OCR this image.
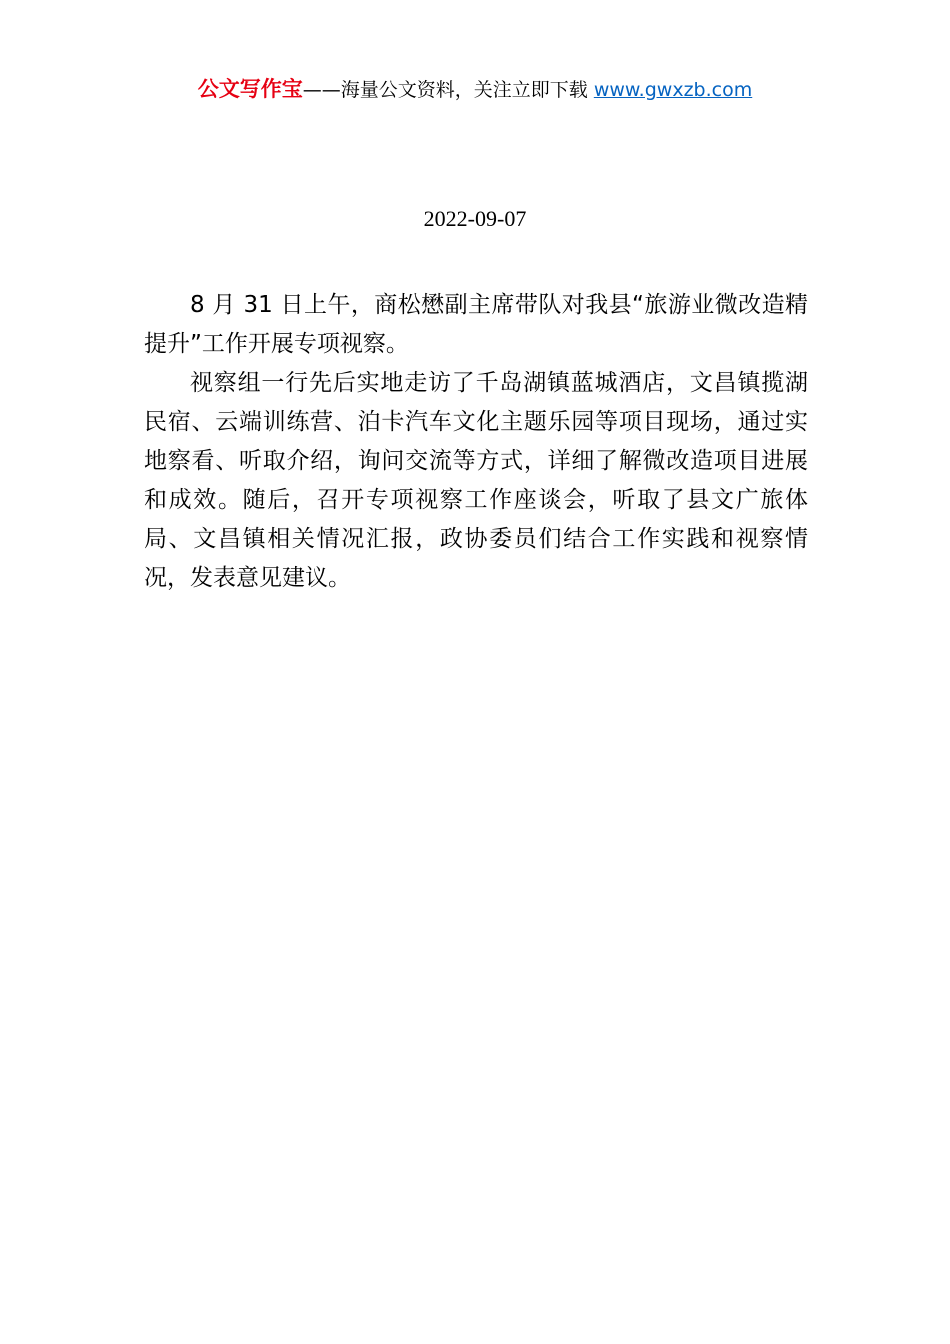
公文写作宝——海量公文资料，关注立即下载 www.gwxzb.com
2022-09-07

8 月 31 日上午，商松懋副主席带队对我县“旅游业微改造精提升”工作开展专项视察。

视察组一行先后实地走访了千岛湖镇蓝城酒店，文昌镇揽湖民宿、云端训练营、泊卡汽车文化主题乐园等项目现场，通过实地察看、听取介绍，询问交流等方式，详细了解微改造项目进展和成效。随后，召开专项视察工作座谈会，听取了县文广旅体局、文昌镇相关情况汇报，政协委员们结合工作实践和视察情况，发表意见建议。
